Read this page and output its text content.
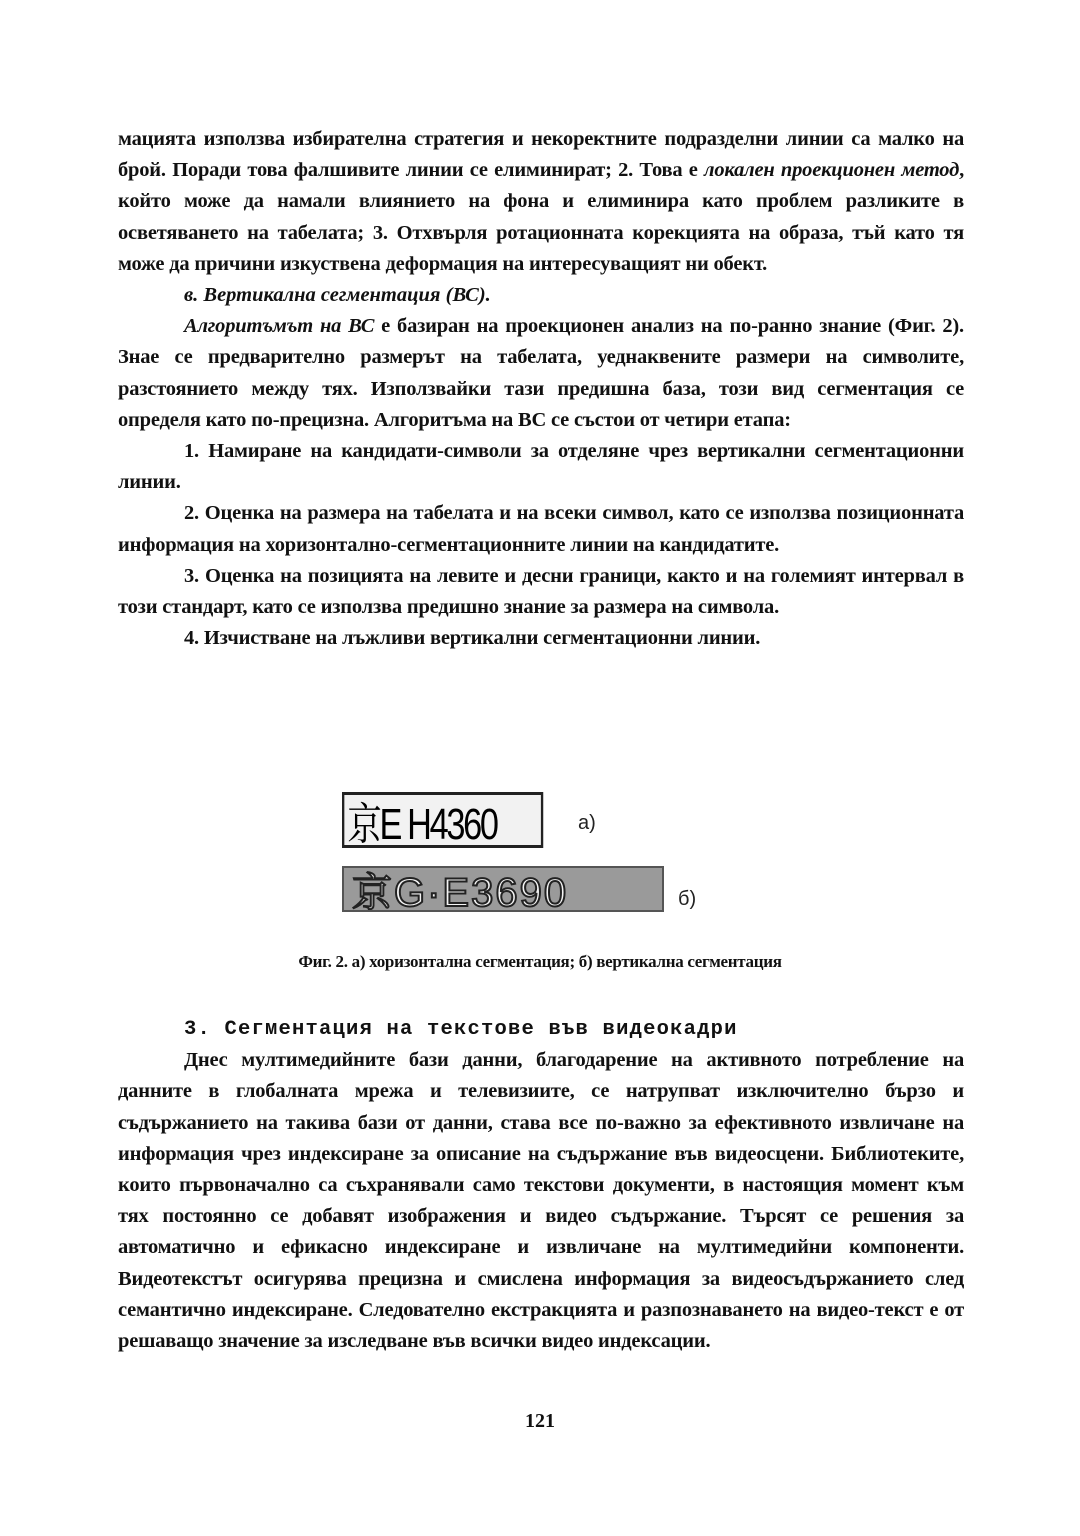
мацията използва избирателна стратегия и некоректните подразделни линии са малко на брой. Поради това фалшивите линии се елиминират; 2. Това е локален проекционен метод, който може да намали влиянието на фона и елиминира като проблем разликите в осветяването на табелата; 3. Отхвърля ротационната корекцията на образа, тъй като тя може да причини изкуствена деформация на интересуващият ни обект.

в. Вертикална сегментация (ВС).

Алгоритъмът на ВС е базиран на проекционен анализ на по-ранно знание (Фиг. 2). Знае се предварително размерът на табелата, уеднаквените размери на символите, разстоянието между тях. Използвайки тази предишна база, този вид сегментация се определя като по-прецизна. Алгоритъма на ВС се състои от четири етапа:

1. Намиране на кандидати-символи за отделяне чрез вертикални сегментационни линии.

2. Оценка на размера на табелата и на всеки символ, като се използва позиционната информация на хоризонтално-сегментационните линии на кандидатите.

3. Оценка на позицията на левите и десни граници, както и на големият интервал в този стандарт, като се използва предишно знание за размера на символа.

4. Изчистване на лъжливи вертикални сегментационни линии.

京E H4360	а)
京G·E3690	б)
Фиг. 2. а) хоризонтална сегментация; б) вертикална сегментация

3. Сегментация на текстове във видеокадри

Днес мултимедийните бази данни, благодарение на активното потребление на данните в глобалната мрежа и телевизиите, се натрупват изключително бързо и съдържанието на такива бази от данни, става все по-важно за ефективното извличане на информация чрез индексиране за описание на съдържание във видеосцени. Библиотеките, които първоначално са съхранявали само текстови документи, в настоящия момент към тях постоянно се добавят изображения и видео съдържание. Търсят се решения за автоматично и ефикасно индексиране и извличане на мултимедийни компоненти. Видеотекстът осигурява прецизна и смислена информация за видеосъдържанието след семантично индексиране. Следователно екстракцията и разпознаването на видео-текст е от решаващо значение за изследване във всички видео индексации.

121
